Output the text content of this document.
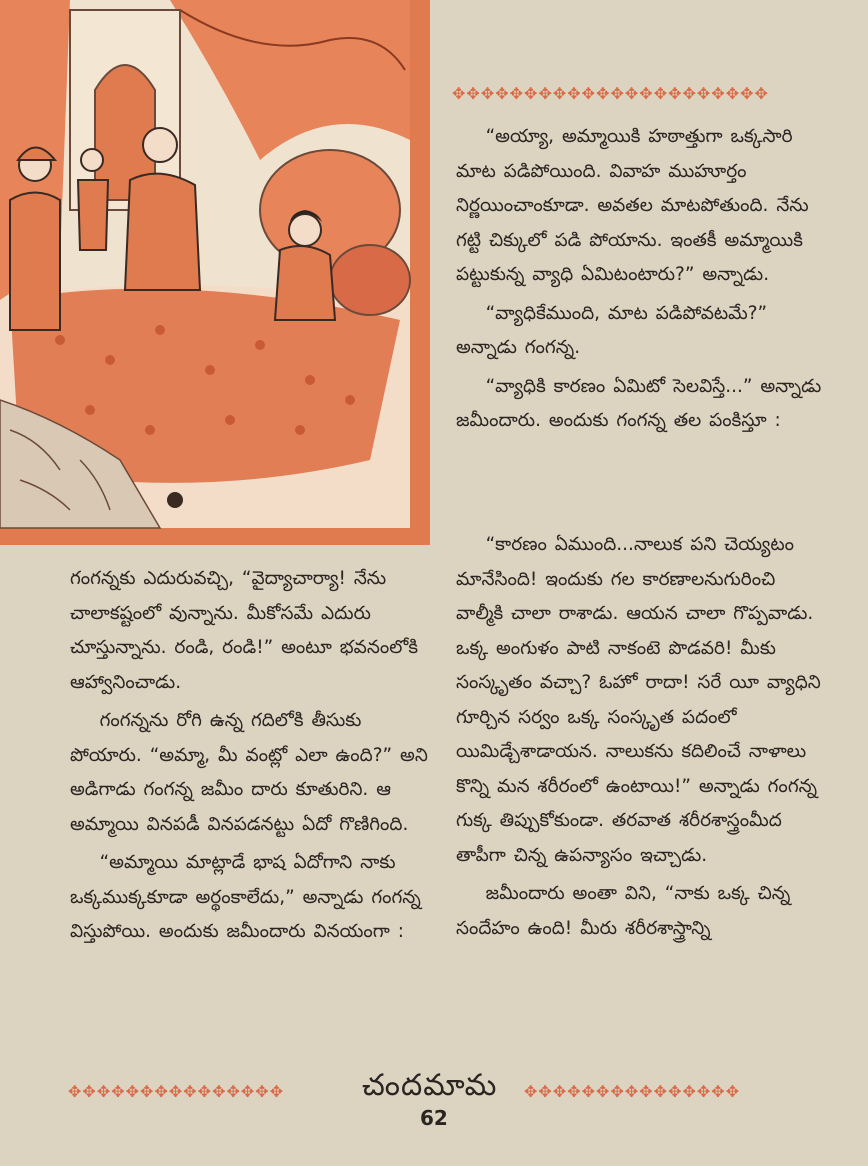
✥✥✥✥✥✥✥✥✥✥✥✥✥✥✥✥✥✥✥✥✥✥

“అయ్యా, అమ్మాయికి హఠాత్తుగా ఒక్కసారి మాట పడిపోయింది. వివాహ ముహూర్తం నిర్ణయించాంకూడా. అవతల మాటపోతుంది. నేను గట్టి చిక్కులో పడి పోయాను. ఇంతకీ అమ్మాయికి పట్టుకున్న వ్యాధి ఏమిటంటారు?” అన్నాడు.

“వ్యాధికేముంది, మాట పడిపోవటమే?” అన్నాడు గంగన్న.

“వ్యాధికి కారణం ఏమిటో సెలవిస్తే...” అన్నాడు జమీందారు. అందుకు గంగన్న తల పంకిస్తూ :

గంగన్నకు ఎదురువచ్చి, “వైద్యాచార్యా! నేను చాలాకష్టంలో వున్నాను. మీకోసమే ఎదురు చూస్తున్నాను. రండి, రండి!” అంటూ భవనంలోకి ఆహ్వానించాడు.

గంగన్నను రోగి ఉన్న గదిలోకి తీసుకు పోయారు. “అమ్మా, మీ వంట్లో ఎలా ఉంది?” అని అడిగాడు గంగన్న జమీం దారు కూతురిని. ఆ అమ్మాయి వినపడీ వినపడనట్టు ఏదో గొణిగింది.

“అమ్మాయి మాట్లాడే భాష ఏదోగాని నాకు ఒక్కముక్కకూడా అర్థంకాలేదు,” అన్నాడు గంగన్న విస్తుపోయి. అందుకు జమీందారు వినయంగా :

“కారణం ఏముంది...నాలుక పని చెయ్యటం మానేసింది! ఇందుకు గల కారణాలనుగురించి వాల్మీకి చాలా రాశాడు. ఆయన చాలా గొప్పవాడు. ఒక్క అంగుళం పాటి నాకంటె పొడవరి! మీకు సంస్కృతం వచ్చా? ఓహో రాదా! సరే యీ వ్యాధిని గూర్చిన సర్వం ఒక్క సంస్కృత పదంలో యిమిడ్చేశాడాయన. నాలుకను కదిలించే నాళాలు కొన్ని మన శరీరంలో ఉంటాయి!” అన్నాడు గంగన్న గుక్క తిప్పుకోకుండా. తరవాత శరీరశాస్త్రంమీద తాపీగా చిన్న ఉపన్యాసం ఇచ్చాడు.

జమీందారు అంతా విని, “నాకు ఒక్క చిన్న సందేహం ఉంది! మీరు శరీరశాస్త్రాన్ని

✥✥✥✥✥✥✥✥✥✥✥✥✥✥✥	చందమామ ✥✥✥✥✥✥✥✥✥✥✥✥✥✥✥
62
